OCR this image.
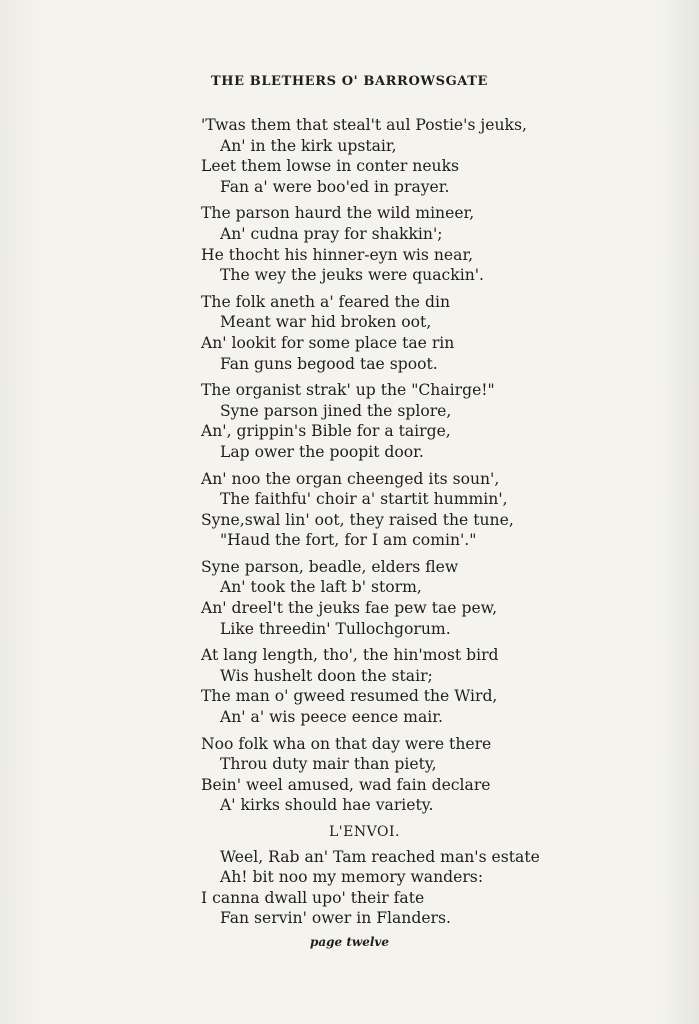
THE BLETHERS O' BARROWSGATE
'Twas them that steal't aul Postie's jeuks,
An' in the kirk upstair,
Leet them lowse in conter neuks
Fan a' were boo'ed in prayer.
The parson haurd the wild mineer,
An' cudna pray for shakkin';
He thocht his hinner-eyn wis near,
The wey the jeuks were quackin'.
The folk aneth a' feared the din
Meant war hid broken oot,
An' lookit for some place tae rin
Fan guns begood tae spoot.
The organist strak' up the "Chairge!"
Syne parson jined the splore,
An', grippin's Bible for a tairge,
Lap ower the poopit door.
An' noo the organ cheenged its soun',
The faithfu' choir a' startit hummin',
Syne,swal lin' oot, they raised the tune,
"Haud the fort, for I am comin'."
Syne parson, beadle, elders flew
An' took the laft b' storm,
An' dreel't the jeuks fae pew tae pew,
Like threedin' Tullochgorum.
At lang length, tho', the hin'most bird
Wis hushelt doon the stair;
The man o' gweed resumed the Wird,
An' a' wis peece eence mair.
Noo folk wha on that day were there
Throu duty mair than piety,
Bein' weel amused, wad fain declare
A' kirks should hae variety.
L'ENVOI.
Weel, Rab an' Tam reached man's estate
Ah! bit noo my memory wanders:
I canna dwall upo' their fate
Fan servin' ower in Flanders.
page twelve
